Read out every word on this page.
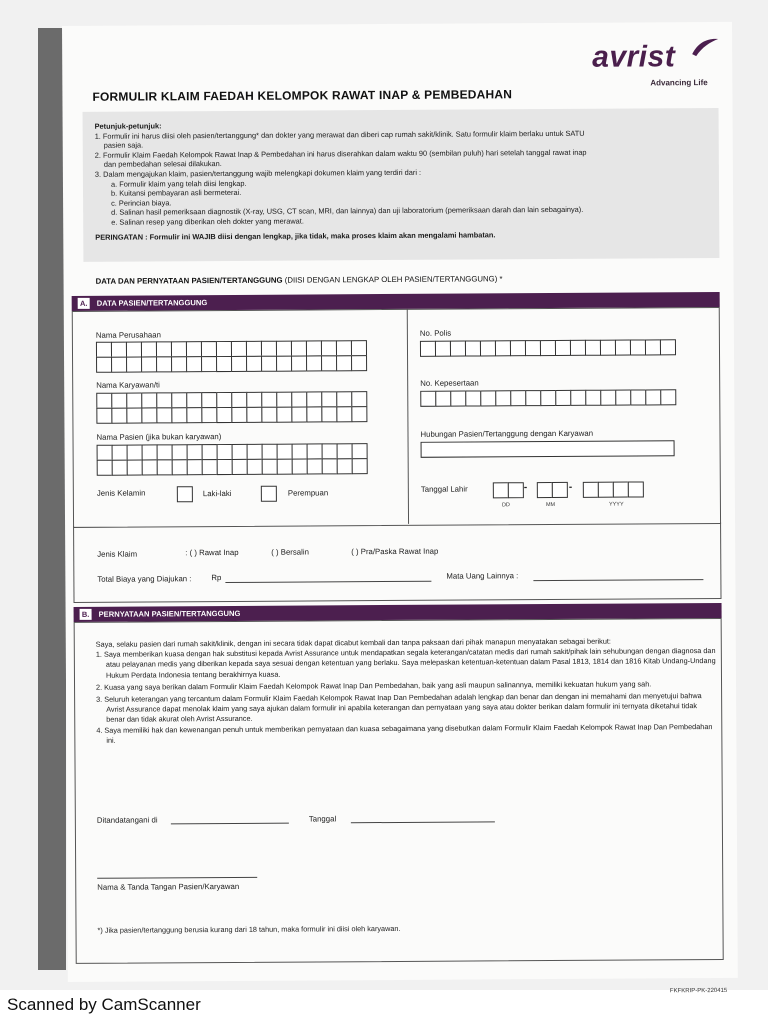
avrist
Advancing Life
FORMULIR KLAIM FAEDAH KELOMPOK RAWAT INAP & PEMBEDAHAN
Petunjuk-petunjuk:
1. Formulir ini harus diisi oleh pasien/tertanggung* dan dokter yang merawat dan diberi cap rumah sakit/klinik. Satu formulir klaim berlaku untuk SATU
pasien saja.
2. Formulir Klaim Faedah Kelompok Rawat Inap & Pembedahan ini harus diserahkan dalam waktu 90 (sembilan puluh) hari setelah tanggal rawat inap
dan pembedahan selesai dilakukan.
3. Dalam mengajukan klaim, pasien/tertanggung wajib melengkapi dokumen klaim yang terdiri dari :
a. Formulir klaim yang telah diisi lengkap.
b. Kuitansi pembayaran asli bermeterai.
c. Perincian biaya.
d. Salinan hasil pemeriksaan diagnostik (X-ray, USG, CT scan, MRI, dan lainnya) dan uji laboratorium (pemeriksaan darah dan lain sebagainya).
e. Salinan resep yang diberikan oleh dokter yang merawat.
PERINGATAN : Formulir ini WAJIB diisi dengan lengkap, jika tidak, maka proses klaim akan mengalami hambatan.
DATA DAN PERNYATAAN PASIEN/TERTANGGUNG (DIISI DENGAN LENGKAP OLEH PASIEN/TERTANGGUNG) *
A. DATA PASIEN/TERTANGGUNG
Nama Perusahaan
Nama Karyawan/ti
Nama Pasien (jika bukan karyawan)
Jenis Kelamin	Laki-laki	Perempuan
No. Polis
No. Kepesertaan
Hubungan Pasien/Tertanggung dengan Karyawan
Tanggal Lahir	-	-
DD	MM	YYYY
Jenis Klaim	: ( ) Rawat Inap	( ) Bersalin	( ) Pra/Paska Rawat Inap
Total Biaya yang Diajukan :	Rp	Mata Uang Lainnya :
B. PERNYATAAN PASIEN/TERTANGGUNG

Saya, selaku pasien dari rumah sakit/klinik, dengan ini secara tidak dapat dicabut kembali dan tanpa paksaan dari pihak manapun menyatakan sebagai berikut:

1. Saya memberikan kuasa dengan hak substitusi kepada Avrist Assurance untuk mendapatkan segala keterangan/catatan medis dari rumah sakit/pihak lain sehubungan dengan diagnosa dan atau pelayanan medis yang diberikan kepada saya sesuai dengan ketentuan yang berlaku. Saya melepaskan ketentuan-ketentuan dalam Pasal 1813, 1814 dan 1816 Kitab Undang-Undang Hukum Perdata Indonesia tentang berakhirnya kuasa.

2. Kuasa yang saya berikan dalam Formulir Klaim Faedah Kelompok Rawat Inap Dan Pembedahan, baik yang asli maupun salinannya, memiliki kekuatan hukum yang sah.

3. Seluruh keterangan yang tercantum dalam Formulir Klaim Faedah Kelompok Rawat Inap Dan Pembedahan adalah lengkap dan benar dan dengan ini memahami dan menyetujui bahwa Avrist Assurance dapat menolak klaim yang saya ajukan dalam formulir ini apabila keterangan dan pernyataan yang saya atau dokter berikan dalam formulir ini ternyata diketahui tidak benar dan tidak akurat oleh Avrist Assurance.

4. Saya memiliki hak dan kewenangan penuh untuk memberikan pernyataan dan kuasa sebagaimana yang disebutkan dalam Formulir Klaim Faedah Kelompok Rawat Inap Dan Pembedahan ini.

Ditandatangani di	Tanggal
Nama & Tanda Tangan Pasien/Karyawan
*) Jika pasien/tertanggung berusia kurang dari 18 tahun, maka formulir ini diisi oleh karyawan.
FKFKRIP-PK-220415
Scanned by CamScanner
